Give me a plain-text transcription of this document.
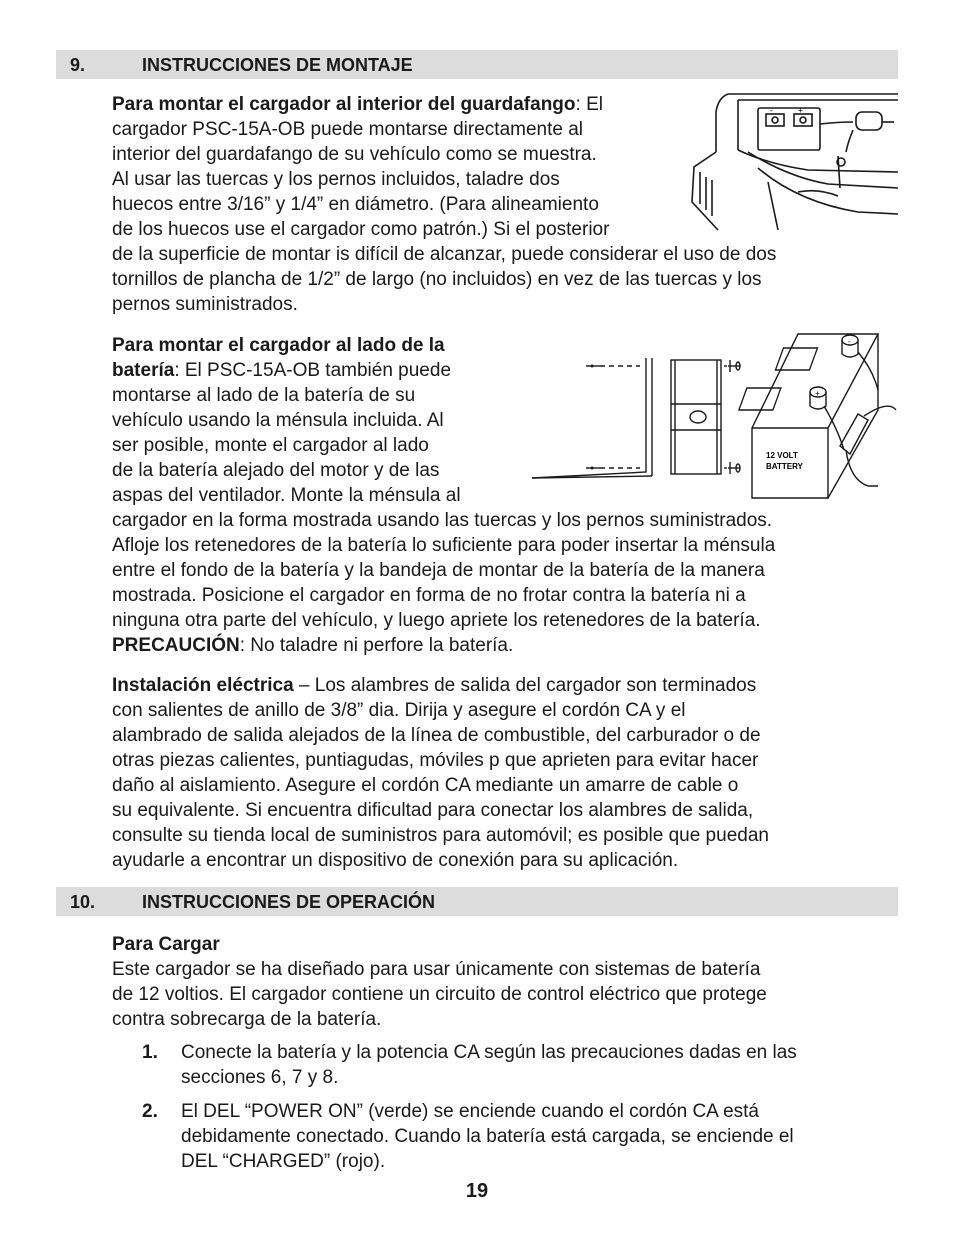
9.	INSTRUCCIONES DE MONTAJE
Para montar el cargador al interior del guardafango: El
cargador PSC-15A-OB puede montarse directamente al
interior del guardafango de su vehículo como se muestra.
Al usar las tuercas y los pernos incluidos, taladre dos
huecos entre 3/16” y 1/4” en diámetro. (Para alineamiento
de los huecos use el cargador como patrón.) Si el posterior
de la superficie de montar is difícil de alcanzar, puede considerar el uso de dos
tornillos de plancha de 1/2” de largo (no incluidos) en vez de las tuercas y los
pernos suministrados.
-	+
Para montar el cargador al lado de la
batería: El PSC-15A-OB también puede
montarse al lado de la batería de su
vehículo usando la ménsula incluida. Al
ser posible, monte el cargador al lado
de la batería alejado del motor y de las
aspas del ventilador. Monte la ménsula al
cargador en la forma mostrada usando las tuercas y los pernos suministrados.
Afloje los retenedores de la batería lo suficiente para poder insertar la ménsula
entre el fondo de la batería y la bandeja de montar de la batería de la manera
mostrada. Posicione el cargador en forma de no frotar contra la batería ni a
ninguna otra parte del vehículo, y luego apriete los retenedores de la batería.
PRECAUCIÓN: No taladre ni perfore la batería.
-
+
12 VOLT
BATTERY
Instalación eléctrica – Los alambres de salida del cargador son terminados
con salientes de anillo de 3/8” dia. Dirija y asegure el cordón CA y el
alambrado de salida alejados de la línea de combustible, del carburador o de
otras piezas calientes, puntiagudas, móviles p que aprieten para evitar hacer
daño al aislamiento. Asegure el cordón CA mediante un amarre de cable o
su equivalente. Si encuentra dificultad para conectar los alambres de salida,
consulte su tienda local de suministros para automóvil; es posible que puedan
ayudarle a encontrar un dispositivo de conexión para su aplicación.
10.	INSTRUCCIONES DE OPERACIÓN
Para Cargar
Este cargador se ha diseñado para usar únicamente con sistemas de batería
de 12 voltios. El cargador contiene un circuito de control eléctrico que protege
contra sobrecarga de la batería.
1. Conecte la batería y la potencia CA según las precauciones dadas en las
secciones 6, 7 y 8.
2. El DEL “POWER ON” (verde) se enciende cuando el cordón CA está
debidamente conectado. Cuando la batería está cargada, se enciende el
DEL “CHARGED” (rojo).
19
